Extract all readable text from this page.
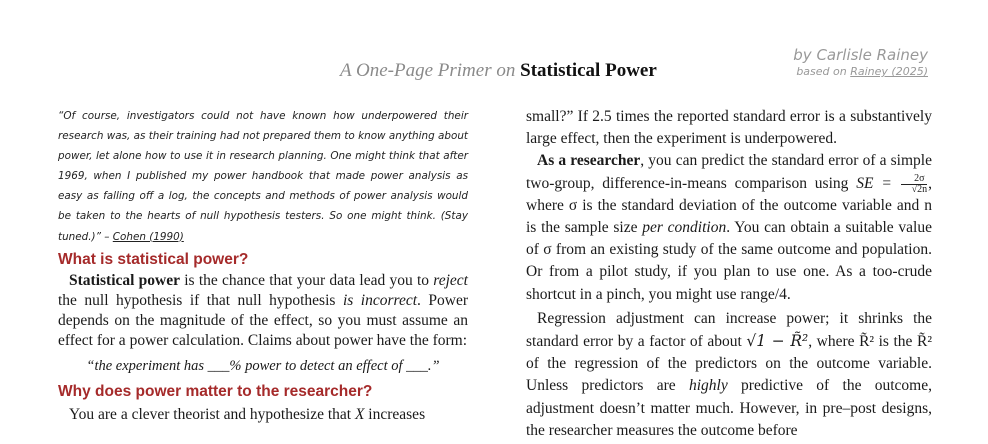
A One-Page Primer on Statistical Power
by Carlisle Rainey
based on Rainey (2025)

“Of course, investigators could not have known how underpowered their research was, as their training had not prepared them to know anything about power, let alone how to use it in research planning. One might think that after 1969, when I published my power handbook that made power analysis as easy as falling off a log, the concepts and methods of power analysis would be taken to the hearts of null hypothesis testers. So one might think. (Stay tuned.)” – Cohen (1990)

What is statistical power?

Statistical power is the chance that your data lead you to reject the null hypothesis if that null hypothesis is incorrect. Power depends on the magnitude of the effect, so you must assume an effect for a power calculation. Claims about power have the form:

“the experiment has ___% power to detect an effect of ___.”

Why does power matter to the researcher?

You are a clever theorist and hypothesize that X increases

small?” If 2.5 times the reported standard error is a substantively large effect, then the experiment is underpowered.

As a researcher, you can predict the standard error of a simple two-group, difference-in-means comparison using SE = $\frac{2\sigma}{√2n}$ , where σ is the standard deviation of the outcome variable and n is the sample size per condition. You can obtain a suitable value of σ from an existing study of the same outcome and population. Or from a pilot study, if you plan to use one. As a too-crude shortcut in a pinch, you might use range/4.

Regression adjustment can increase power; it shrinks the standard error by a factor of about √1 − R̃², where R̃² is the R̃² of the regression of the predictors on the outcome variable. Unless predictors are highly predictive of the outcome, adjustment doesn’t matter much. However, in pre–post designs, the researcher measures the outcome before
